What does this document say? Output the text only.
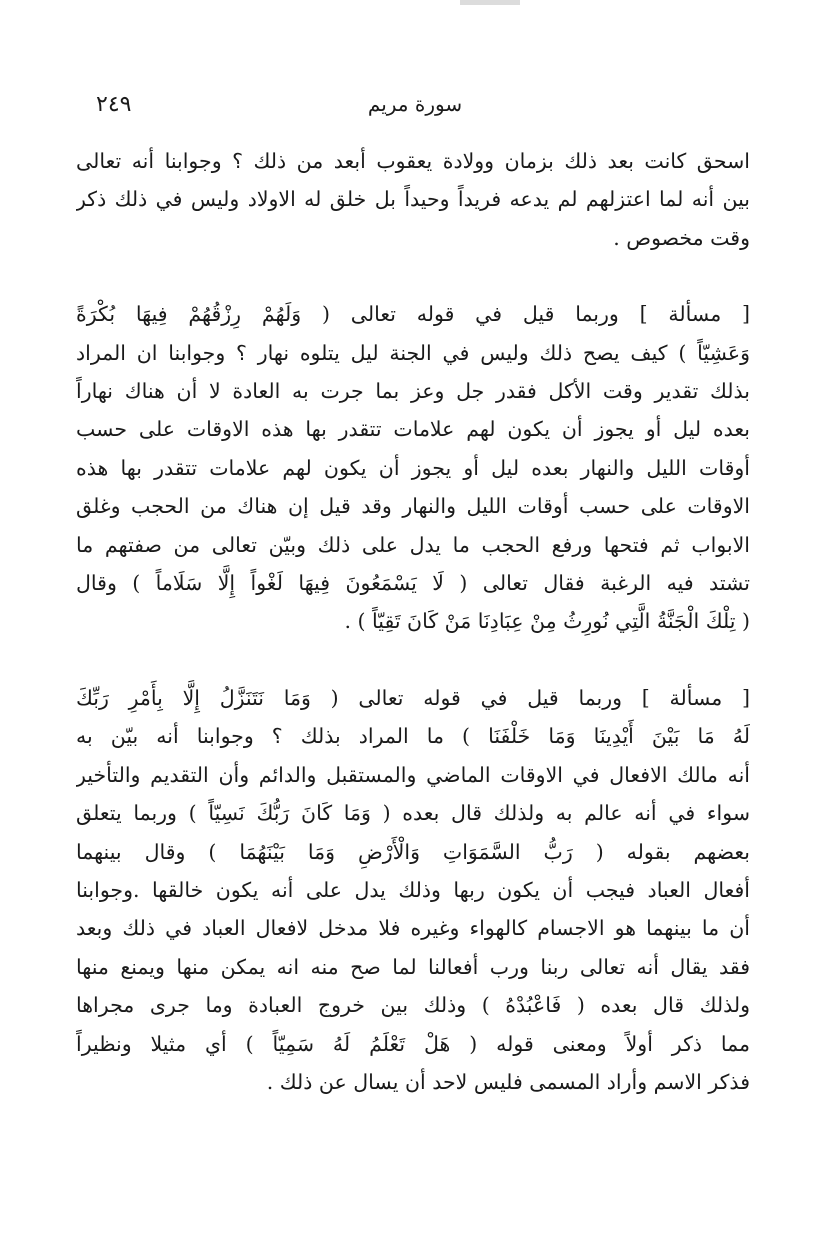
٢٤٩	سورة مريم

اسحق كانت بعد ذلك بزمان وولادة يعقوب أبعد من ذلك ؟ وجوابنا أنه تعالى
بين أنه لما اعتزلهم لم يدعه فريداً وحيداً بل خلق له الاولاد وليس في ذلك ذكر
وقت مخصوص .

[ مسألة ] وربما قيل في قوله تعالى ( وَلَهُمْ رِزْقُهُمْ فِيهَا بُكْرَةً
وَعَشِيّاً ) كيف يصح ذلك وليس في الجنة ليل يتلوه نهار ؟ وجوابنا ان المراد
بذلك تقدير وقت الأكل فقدر جل وعز بما جرت به العادة لا أن هناك نهاراً
بعده ليل أو يجوز أن يكون لهم علامات تتقدر بها هذه الاوقات على حسب
أوقات الليل والنهار بعده ليل أو يجوز أن يكون لهم علامات تتقدر بها هذه
الاوقات على حسب أوقات الليل والنهار وقد قيل إن هناك من الحجب وغلق
الابواب ثم فتحها ورفع الحجب ما يدل على ذلك وبيّن تعالى من صفتهم ما
تشتد فيه الرغبة فقال تعالى ( لَا يَسْمَعُونَ فِيهَا لَغْواً إِلَّا سَلَاماً ) وقال
( تِلْكَ الْجَنَّةُ الَّتِي نُورِثُ مِنْ عِبَادِنَا مَنْ كَانَ تَقِيّاً ) .

[ مسألة ] وربما قيل في قوله تعالى ( وَمَا نَتَنَزَّلُ إِلَّا بِأَمْرِ رَبِّكَ
لَهُ مَا بَيْنَ أَيْدِينَا وَمَا خَلْفَنَا ) ما المراد بذلك ؟ وجوابنا أنه بيّن به
أنه مالك الافعال في الاوقات الماضي والمستقبل والدائم وأن التقديم والتأخير
سواء في أنه عالم به ولذلك قال بعده ( وَمَا كَانَ رَبُّكَ نَسِيّاً ) وربما يتعلق
بعضهم بقوله ( رَبُّ السَّمَوَاتِ وَالْأَرْضِ وَمَا بَيْنَهُمَا ) وقال بينهما
أفعال العباد فيجب أن يكون ربها وذلك يدل على أنه يكون خالقها .وجوابنا
أن ما بينهما هو الاجسام كالهواء وغيره فلا مدخل لافعال العباد في ذلك وبعد
فقد يقال أنه تعالى ربنا ورب أفعالنا لما صح منه انه يمكن منها ويمنع منها
ولذلك قال بعده ( فَاعْبُدْهُ ) وذلك بين خروج العبادة وما جرى مجراها
مما ذكر أولاً ومعنى قوله ( هَلْ تَعْلَمُ لَهُ سَمِيّاً ) أي مثيلا ونظيراً
فذكر الاسم وأراد المسمى فليس لاحد أن يسال عن ذلك .
